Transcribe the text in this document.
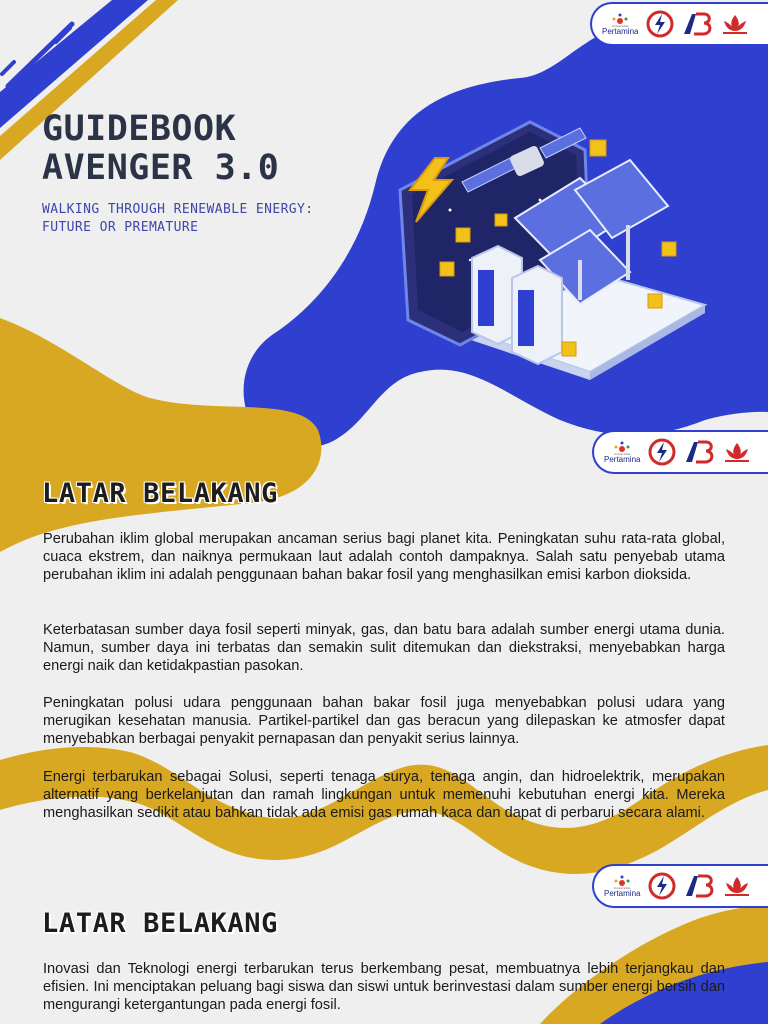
Universitas
Pertamina
Universitas
Pertamina
Universitas
Pertamina
GUIDEBOOK
AVENGER 3.0
WALKING THROUGH RENEWABLE ENERGY:
FUTURE OR PREMATURE
LATAR BELAKANG
Perubahan iklim global merupakan ancaman serius bagi planet kita. Peningkatan suhu rata-rata global, cuaca ekstrem, dan naiknya permukaan laut adalah contoh dampaknya. Salah satu penyebab utama perubahan iklim ini adalah penggunaan bahan bakar fosil yang menghasilkan emisi karbon dioksida.
Keterbatasan sumber daya fosil seperti minyak, gas, dan batu bara adalah sumber energi utama dunia. Namun, sumber daya ini terbatas dan semakin sulit ditemukan dan diekstraksi, menyebabkan harga energi naik dan ketidakpastian pasokan.
Peningkatan polusi udara penggunaan bahan bakar fosil juga menyebabkan polusi udara yang merugikan kesehatan manusia. Partikel-partikel dan gas beracun yang dilepaskan ke atmosfer dapat menyebabkan berbagai penyakit pernapasan dan penyakit serius lainnya.
Energi terbarukan sebagai Solusi, seperti tenaga surya, tenaga angin, dan hidroelektrik, merupakan alternatif yang berkelanjutan dan ramah lingkungan untuk memenuhi kebutuhan energi kita. Mereka menghasilkan sedikit atau bahkan tidak ada emisi gas rumah kaca dan dapat di perbarui secara alami.
LATAR BELAKANG
Inovasi dan Teknologi energi terbarukan terus berkembang pesat, membuatnya lebih terjangkau dan efisien. Ini menciptakan peluang bagi siswa dan siswi untuk berinvestasi dalam sumber energi bersih dan mengurangi ketergantungan pada energi fosil.
